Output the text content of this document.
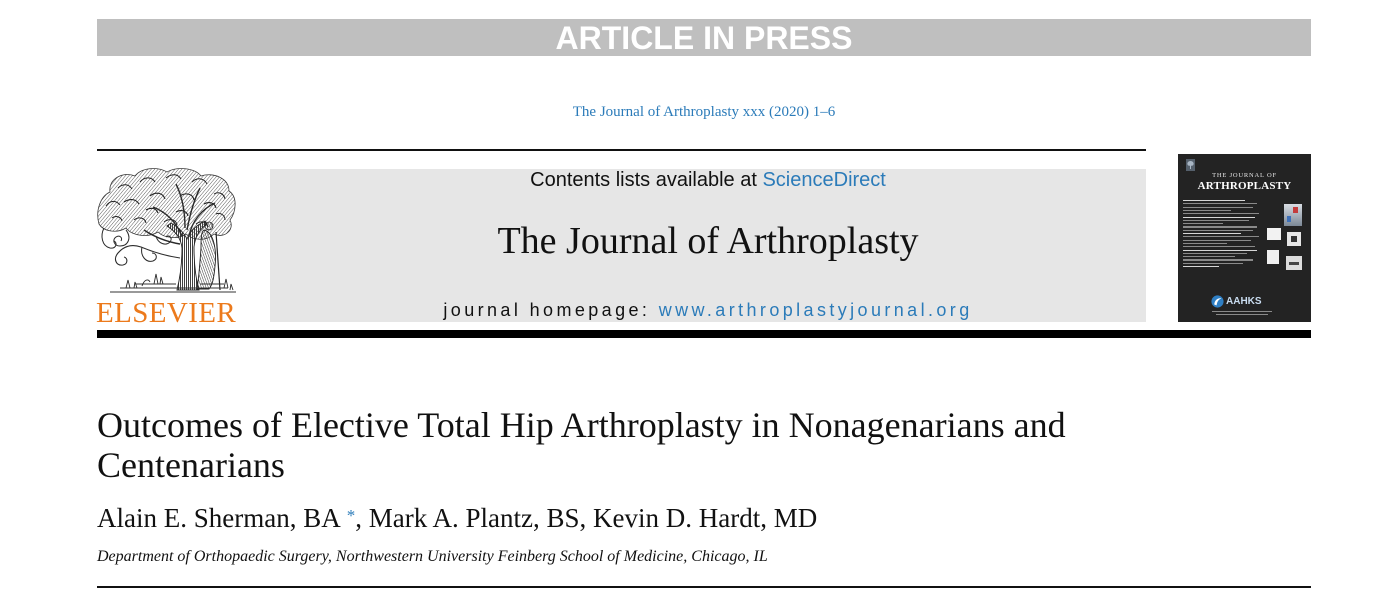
ARTICLE IN PRESS
The Journal of Arthroplasty xxx (2020) 1–6
ELSEVIER
Contents lists available at ScienceDirect
The Journal of Arthroplasty
journal homepage: www.arthroplastyjournal.org
THE JOURNAL OF
ARTHROPLASTY
AAHKS
Outcomes of Elective Total Hip Arthroplasty in Nonagenarians and Centenarians
Alain E. Sherman, BA *, Mark A. Plantz, BS, Kevin D. Hardt, MD
Department of Orthopaedic Surgery, Northwestern University Feinberg School of Medicine, Chicago, IL
